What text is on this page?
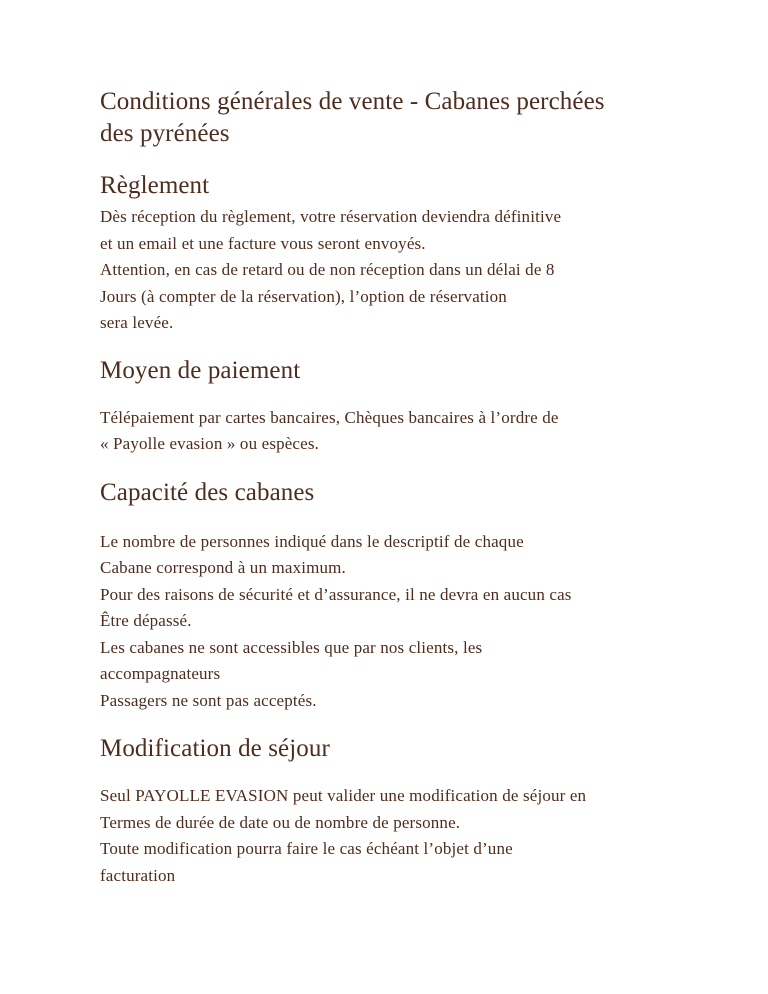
Conditions générales de vente - Cabanes perchées
des pyrénées
Règlement

Dès réception du règlement, votre réservation deviendra définitive

et un email et une facture vous seront envoyés.

Attention, en cas de retard ou de non réception dans un délai de 8

Jours (à compter de la réservation), l’option de réservation

sera levée.

Moyen de paiement

Télépaiement par cartes bancaires, Chèques bancaires à l’ordre de

« Payolle evasion » ou espèces.

Capacité des cabanes

Le nombre de personnes indiqué dans le descriptif de chaque

Cabane correspond à un maximum.

Pour des raisons de sécurité et d’assurance, il ne devra en aucun cas

Être dépassé.

Les cabanes ne sont accessibles que par nos clients, les

accompagnateurs

Passagers ne sont pas acceptés.

Modification de séjour

Seul PAYOLLE EVASION peut valider une modification de séjour en

Termes de durée de date ou de nombre de personne.

Toute modification pourra faire le cas échéant l’objet d’une

facturation
